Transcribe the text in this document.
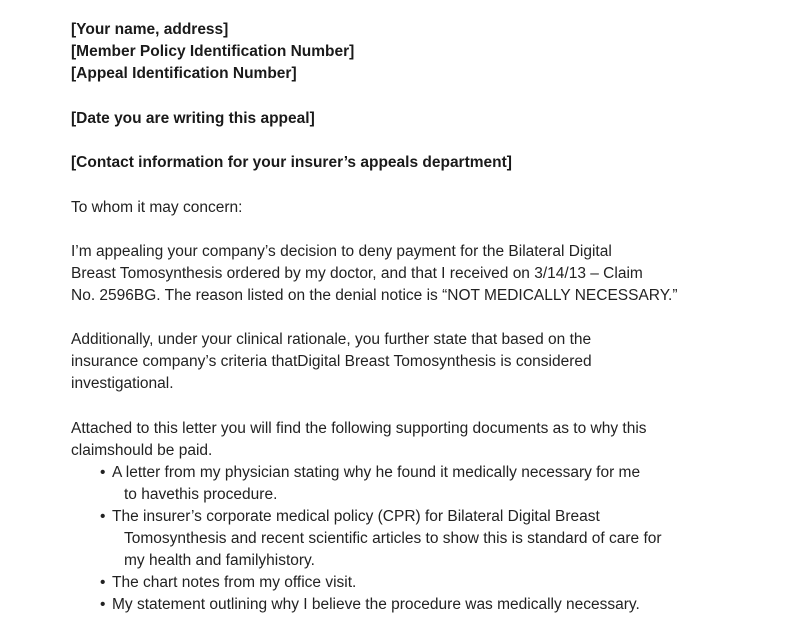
[Your name, address]
[Member Policy Identification Number]
[Appeal Identification Number]
[Date you are writing this appeal]
[Contact information for your insurer’s appeals department]
To whom it may concern:
I’m appealing your company’s decision to deny payment for the Bilateral Digital
Breast Tomosynthesis ordered by my doctor, and that I received on 3/14/13 – Claim
No. 2596BG. The reason listed on the denial notice is “NOT MEDICALLY NECESSARY.”
Additionally, under your clinical rationale, you further state that based on the
insurance company’s criteria thatDigital Breast Tomosynthesis is considered
investigational.
Attached to this letter you will find the following supporting documents as to why this
claimshould be paid.
• A letter from my physician stating why he found it medically necessary for me
to havethis procedure.
• The insurer’s corporate medical policy (CPR) for Bilateral Digital Breast
Tomosynthesis and recent scientific articles to show this is standard of care for
my health and familyhistory.
• The chart notes from my office visit.
• My statement outlining why I believe the procedure was medically necessary.
